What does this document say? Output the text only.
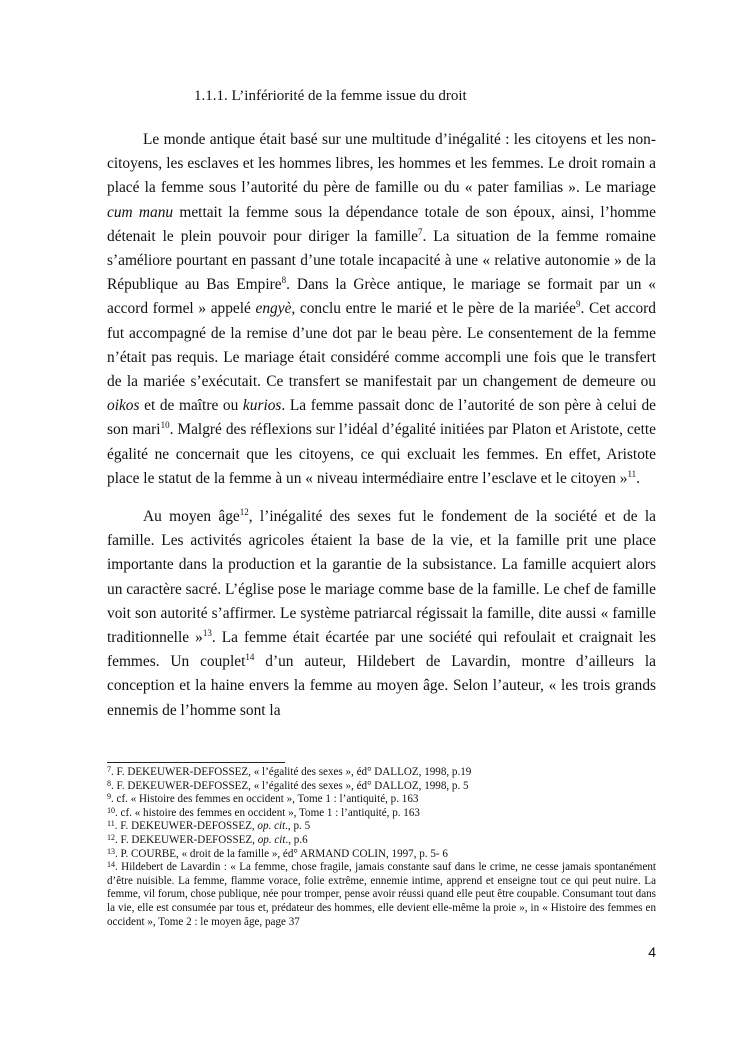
1.1.1. L’infériorité de la femme issue du droit

Le monde antique était basé sur une multitude d’inégalité : les citoyens et les non-citoyens, les esclaves et les hommes libres, les hommes et les femmes. Le droit romain a placé la femme sous l’autorité du père de famille ou du « pater familias ». Le mariage cum manu mettait la femme sous la dépendance totale de son époux, ainsi, l’homme détenait le plein pouvoir pour diriger la famille$^7$. La situation de la femme romaine s’améliore pourtant en passant d’une totale incapacité à une « relative autonomie » de la République au Bas Empire$^8$. Dans la Grèce antique, le mariage se formait par un « accord formel » appelé engyè, conclu entre le marié et le père de la mariée$^9$. Cet accord fut accompagné de la remise d’une dot par le beau père. Le consentement de la femme n’était pas requis. Le mariage était considéré comme accompli une fois que le transfert de la mariée s’exécutait. Ce transfert se manifestait par un changement de demeure ou oikos et de maître ou kurios. La femme passait donc de l’autorité de son père à celui de son mari$^{10}$. Malgré des réflexions sur l’idéal d’égalité initiées par Platon et Aristote, cette égalité ne concernait que les citoyens, ce qui excluait les femmes. En effet, Aristote place le statut de la femme à un « niveau intermédiaire entre l’esclave et le citoyen »$^{11}$.

Au moyen âge$^{12}$, l’inégalité des sexes fut le fondement de la société et de la famille. Les activités agricoles étaient la base de la vie, et la famille prit une place importante dans la production et la garantie de la subsistance. La famille acquiert alors un caractère sacré. L’église pose le mariage comme base de la famille. Le chef de famille voit son autorité s’affirmer. Le système patriarcal régissait la famille, dite aussi « famille traditionnelle »$^{13}$. La femme était écartée par une société qui refoulait et craignait les femmes. Un couplet$^{14}$ d’un auteur, Hildebert de Lavardin, montre d’ailleurs la conception et la haine envers la femme au moyen âge. Selon l’auteur, « les trois grands ennemis de l’homme sont la

$^7$. F. DEKEUWER-DEFOSSEZ, « l’égalité des sexes », éd° DALLOZ, 1998, p.19
$^8$. F. DEKEUWER-DEFOSSEZ, « l’égalité des sexes », éd° DALLOZ, 1998, p. 5
$^9$. cf. « Histoire des femmes en occident », Tome 1 : l’antiquité, p. 163
$^{10}$. cf. « histoire des femmes en occident », Tome 1 : l’antiquité, p. 163
$^{11}$. F. DEKEUWER-DEFOSSEZ, op. cit., p. 5
$^{12}$. F. DEKEUWER-DEFOSSEZ, op. cit., p.6
$^{13}$. P. COURBE, « droit de la famille », éd° ARMAND COLIN, 1997, p. 5- 6
$^{14}$. Hildebert de Lavardin : « La femme, chose fragile, jamais constante sauf dans le crime, ne cesse jamais spontanément d’être nuisible. La femme, flamme vorace, folie extrême, ennemie intime, apprend et enseigne tout ce qui peut nuire. La femme, vil forum, chose publique, née pour tromper, pense avoir réussi quand elle peut être coupable. Consumant tout dans la vie, elle est consumée par tous et, prédateur des hommes, elle devient elle-même la proie », in « Histoire des femmes en occident », Tome 2 : le moyen âge, page 37
4
